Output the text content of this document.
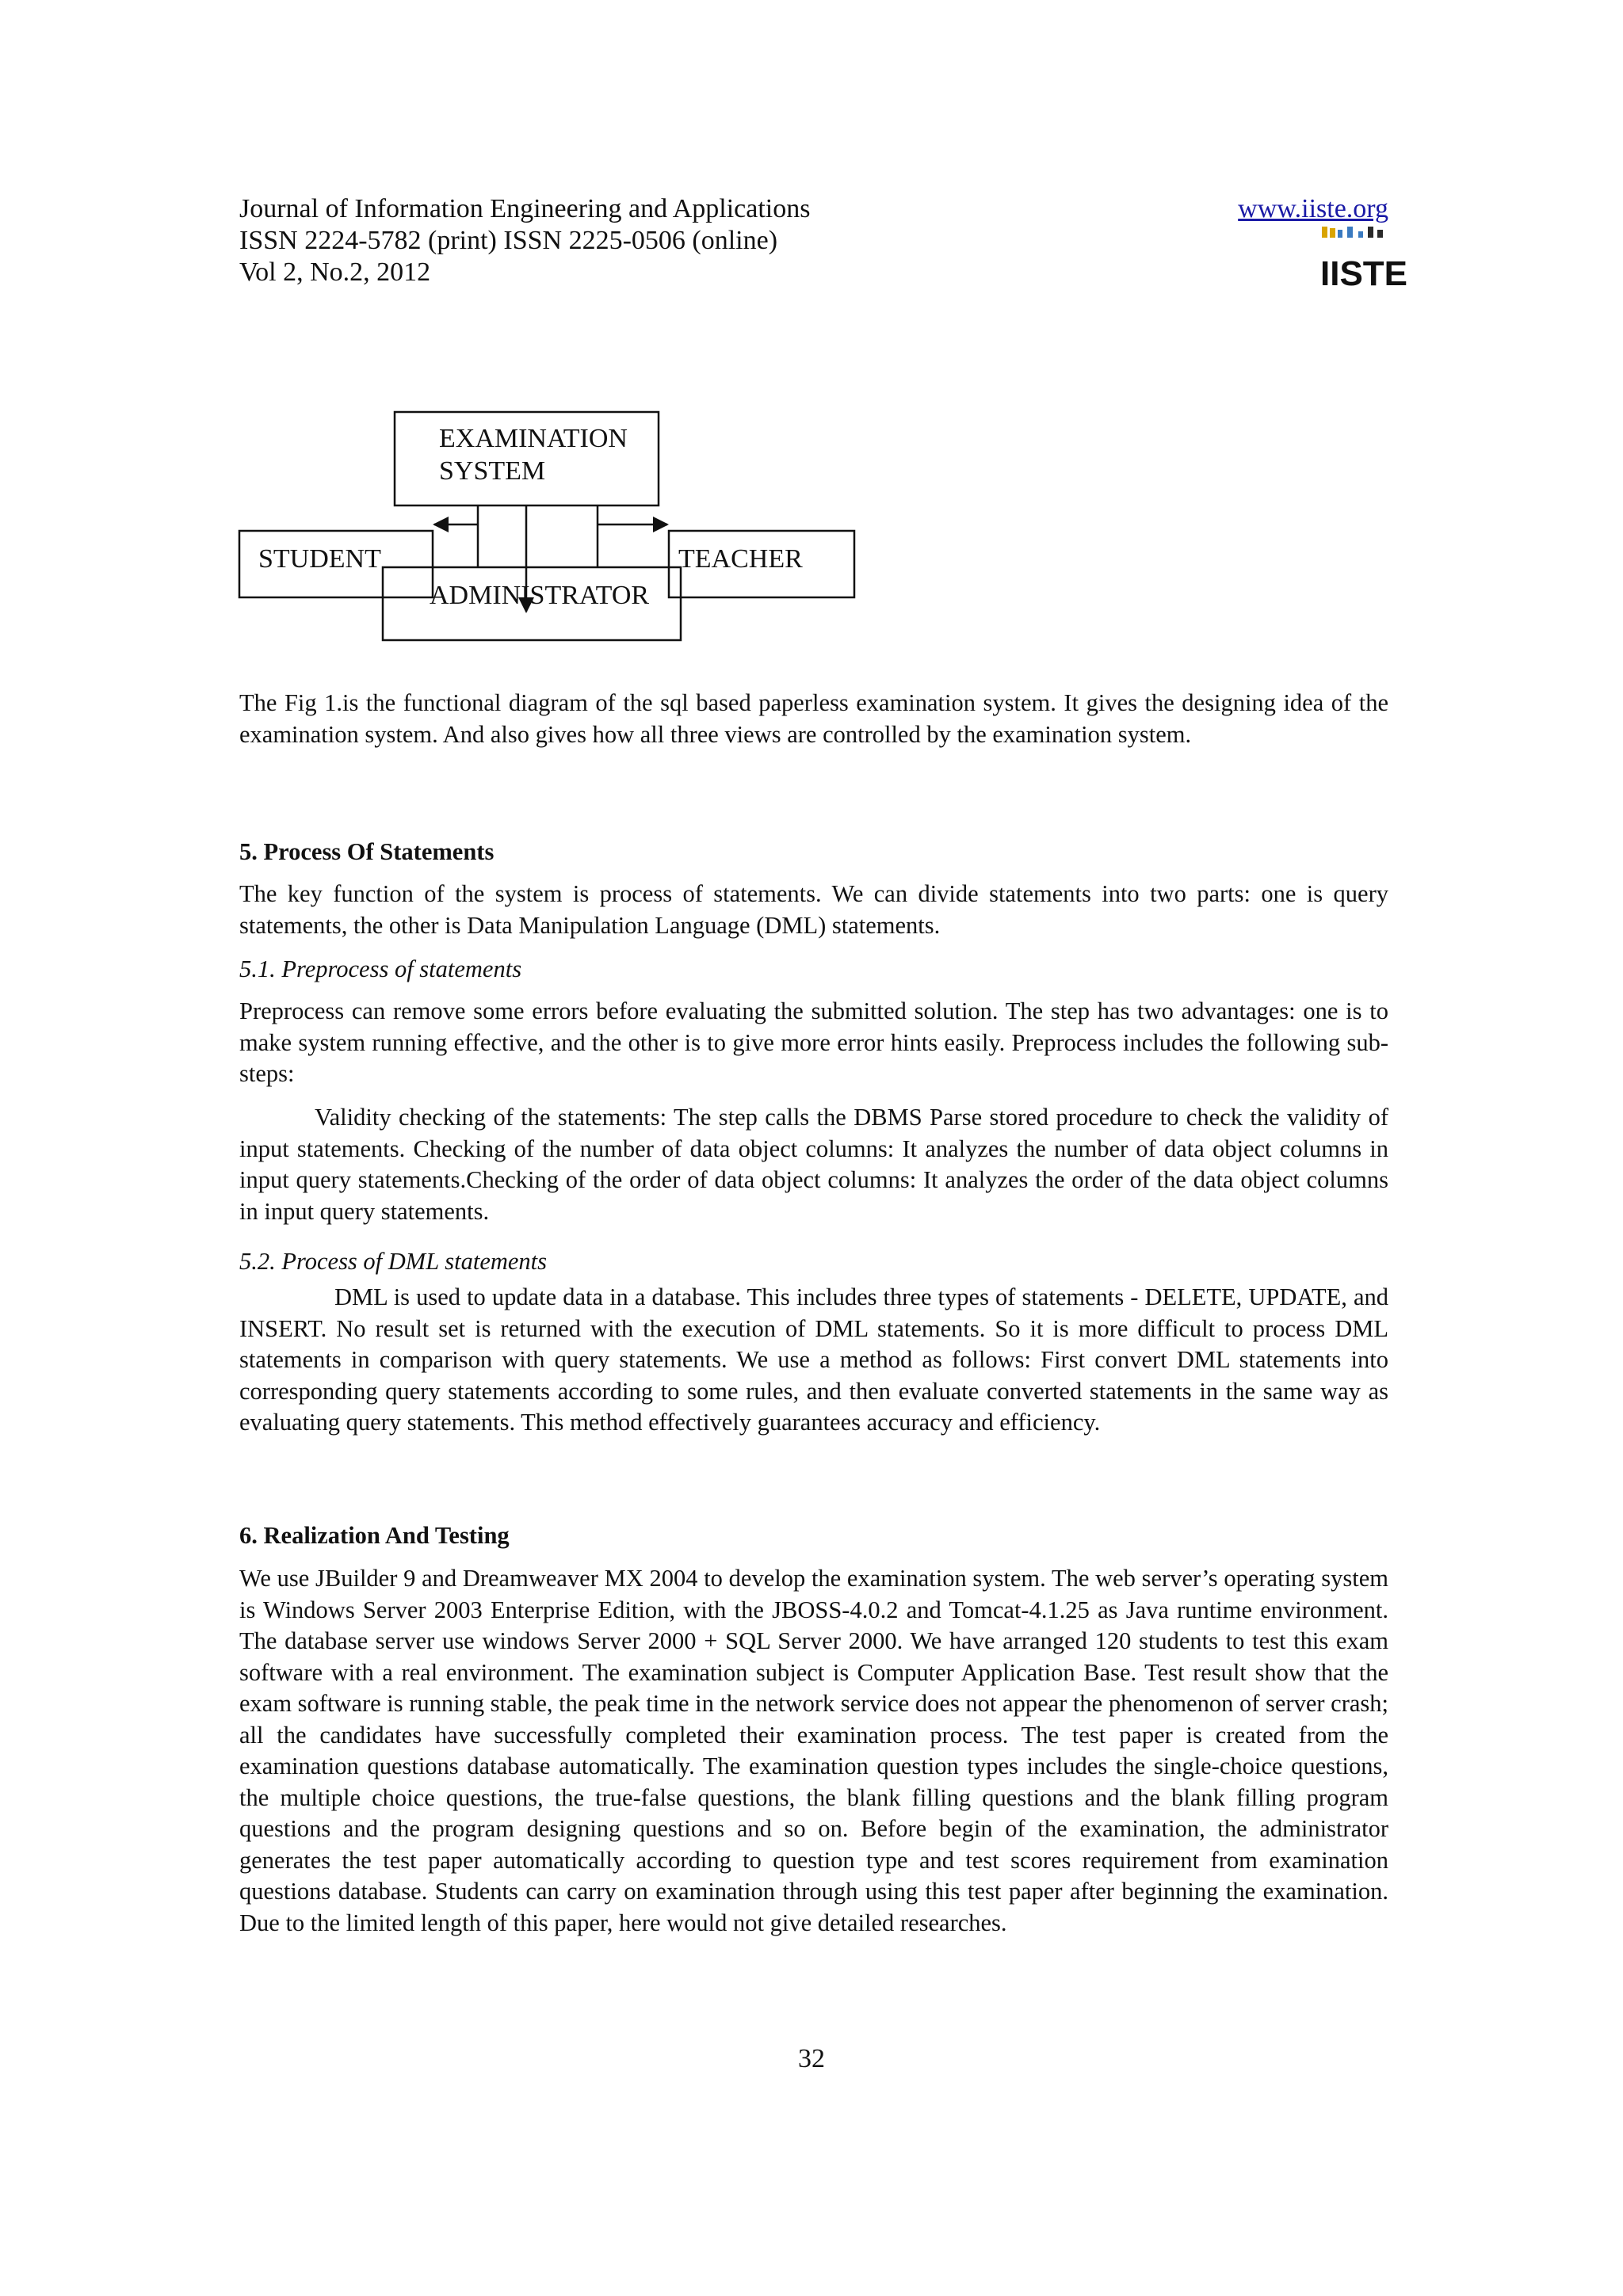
Journal of Information Engineering and Applications
ISSN 2224-5782 (print) ISSN 2225-0506 (online)
Vol 2, No.2, 2012
www.iiste.org
IISTE
EXAMINATION
SYSTEM
STUDENT	TEACHER
ADMINISTRATOR

The Fig 1.is the functional diagram of the sql based paperless examination system. It gives the designing idea of the examination system. And also gives how all three views are controlled by the examination system.

5. Process Of Statements

The key function of the system is process of statements. We can divide statements into two parts: one is query statements, the other is Data Manipulation Language (DML) statements.

5.1. Preprocess of statements

Preprocess can remove some errors before evaluating the submitted solution. The step has two advantages: one is to make system running effective, and the other is to give more error hints easily. Preprocess includes the following sub-steps:

Validity checking of the statements: The step calls the DBMS Parse stored procedure to check the validity of input statements. Checking of the number of data object columns: It analyzes the number of data object columns in input query statements.Checking of the order of data object columns: It analyzes the order of the data object columns in input query statements.

5.2. Process of DML statements

DML is used to update data in a database. This includes three types of statements - DELETE, UPDATE, and INSERT. No result set is returned with the execution of DML statements. So it is more difficult to process DML statements in comparison with query statements. We use a method as follows: First convert DML statements into corresponding query statements according to some rules, and then evaluate converted statements in the same way as evaluating query statements. This method effectively guarantees accuracy and efficiency.

6. Realization And Testing

We use JBuilder 9 and Dreamweaver MX 2004 to develop the examination system. The web server’s operating system is Windows Server 2003 Enterprise Edition, with the JBOSS-4.0.2 and Tomcat-4.1.25 as Java runtime environment. The database server use windows Server 2000 + SQL Server 2000. We have arranged 120 students to test this exam software with a real environment. The examination subject is Computer Application Base. Test result show that the exam software is running stable, the peak time in the network service does not appear the phenomenon of server crash; all the candidates have successfully completed their examination process. The test paper is created from the examination questions database automatically. The examination question types includes the single-choice questions, the multiple choice questions, the true-false questions, the blank filling questions and the blank filling program questions and the program designing questions and so on. Before begin of the examination, the administrator generates the test paper automatically according to question type and test scores requirement from examination questions database. Students can carry on examination through using this test paper after beginning the examination. Due to the limited length of this paper, here would not give detailed researches.

32
